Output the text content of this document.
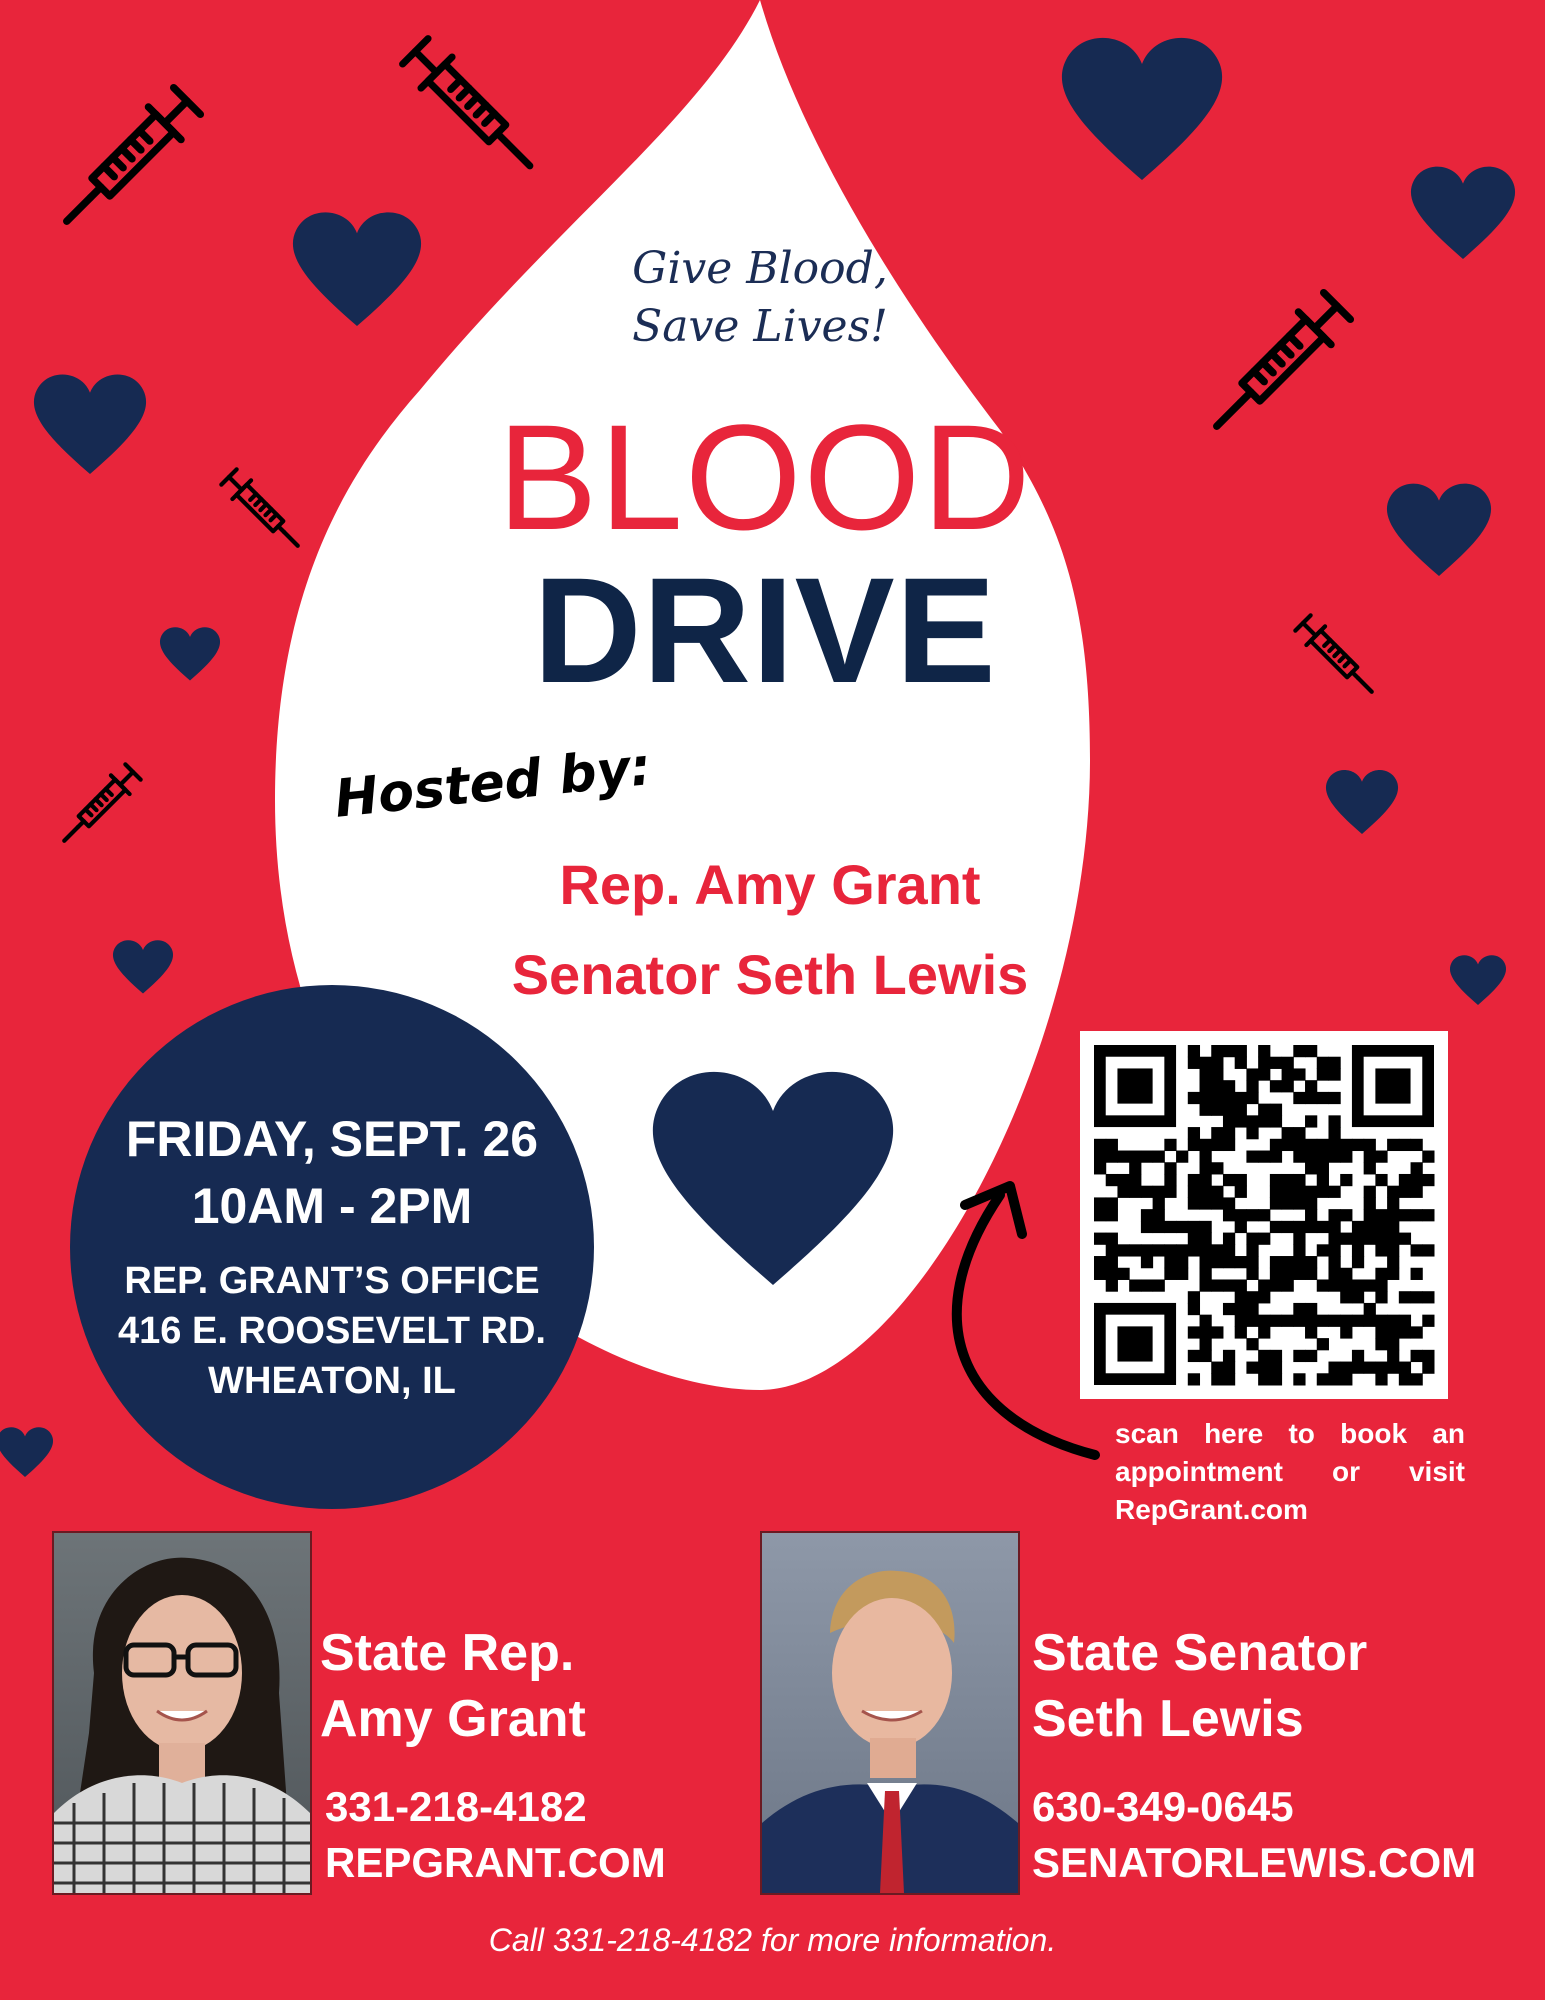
Give Blood,
Save Lives!
BLOOD
DRIVE
Hosted by:
Rep. Amy Grant
Senator Seth Lewis
FRIDAY, SEPT. 26
10AM - 2PM
REP. GRANT’S OFFICE
416 E. ROOSEVELT RD.
WHEATON, IL
scan here to book an appointment or visit RepGrant.com
State Rep.
Amy Grant
331-218-4182
REPGRANT.COM
State Senator
Seth Lewis
630-349-0645
SENATORLEWIS.COM
Call 331-218-4182 for more information.
